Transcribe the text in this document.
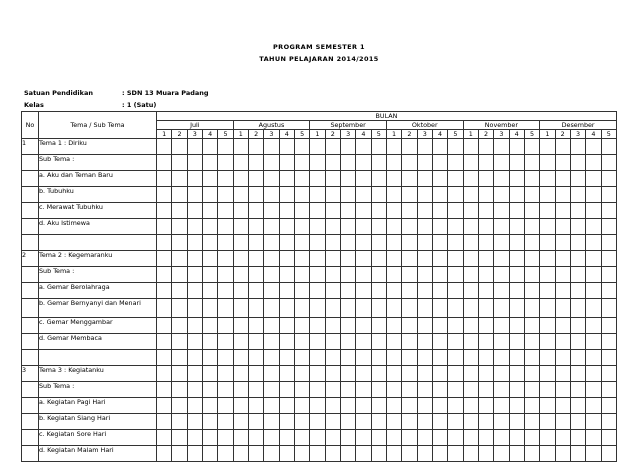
PROGRAM SEMESTER 1

TAHUN PELAJARAN 2014/2015

Satuan Pendidikan	: SDN 13 Muara Padang
Kelas	: 1 (Satu)
No	Tema / Sub Tema	BULAN																													
		Juli					Agustus					September					Oktober					November					Desember				
		1	2	3	4	5	1	2	3	4	5	1	2	3	4	5	1	2	3	4	5	1	2	3	4	5	1	2	3	4	5
1	Tema 1 : Diriku																														
	Sub Tema :																														
	a. Aku dan Teman Baru																														
	b. Tubuhku																														
	c. Merawat Tubuhku																														
	d. Aku Istimewa																														

2	Tema 2 : Kegemaranku																														
	Sub Tema :																														
	a. Gemar Berolahraga																														
	b. Gemar Bernyanyi dan Menari																														
	c. Gemar Menggambar																														
	d. Gemar Membaca																														

3	Tema 3 : Kegiatanku																														
	Sub Tema :																														
	a. Kegiatan Pagi Hari																														
	b. Kegiatan Siang Hari																														
	c. Kegiatan Sore Hari																														
	d. Kegiatan Malam Hari																														
